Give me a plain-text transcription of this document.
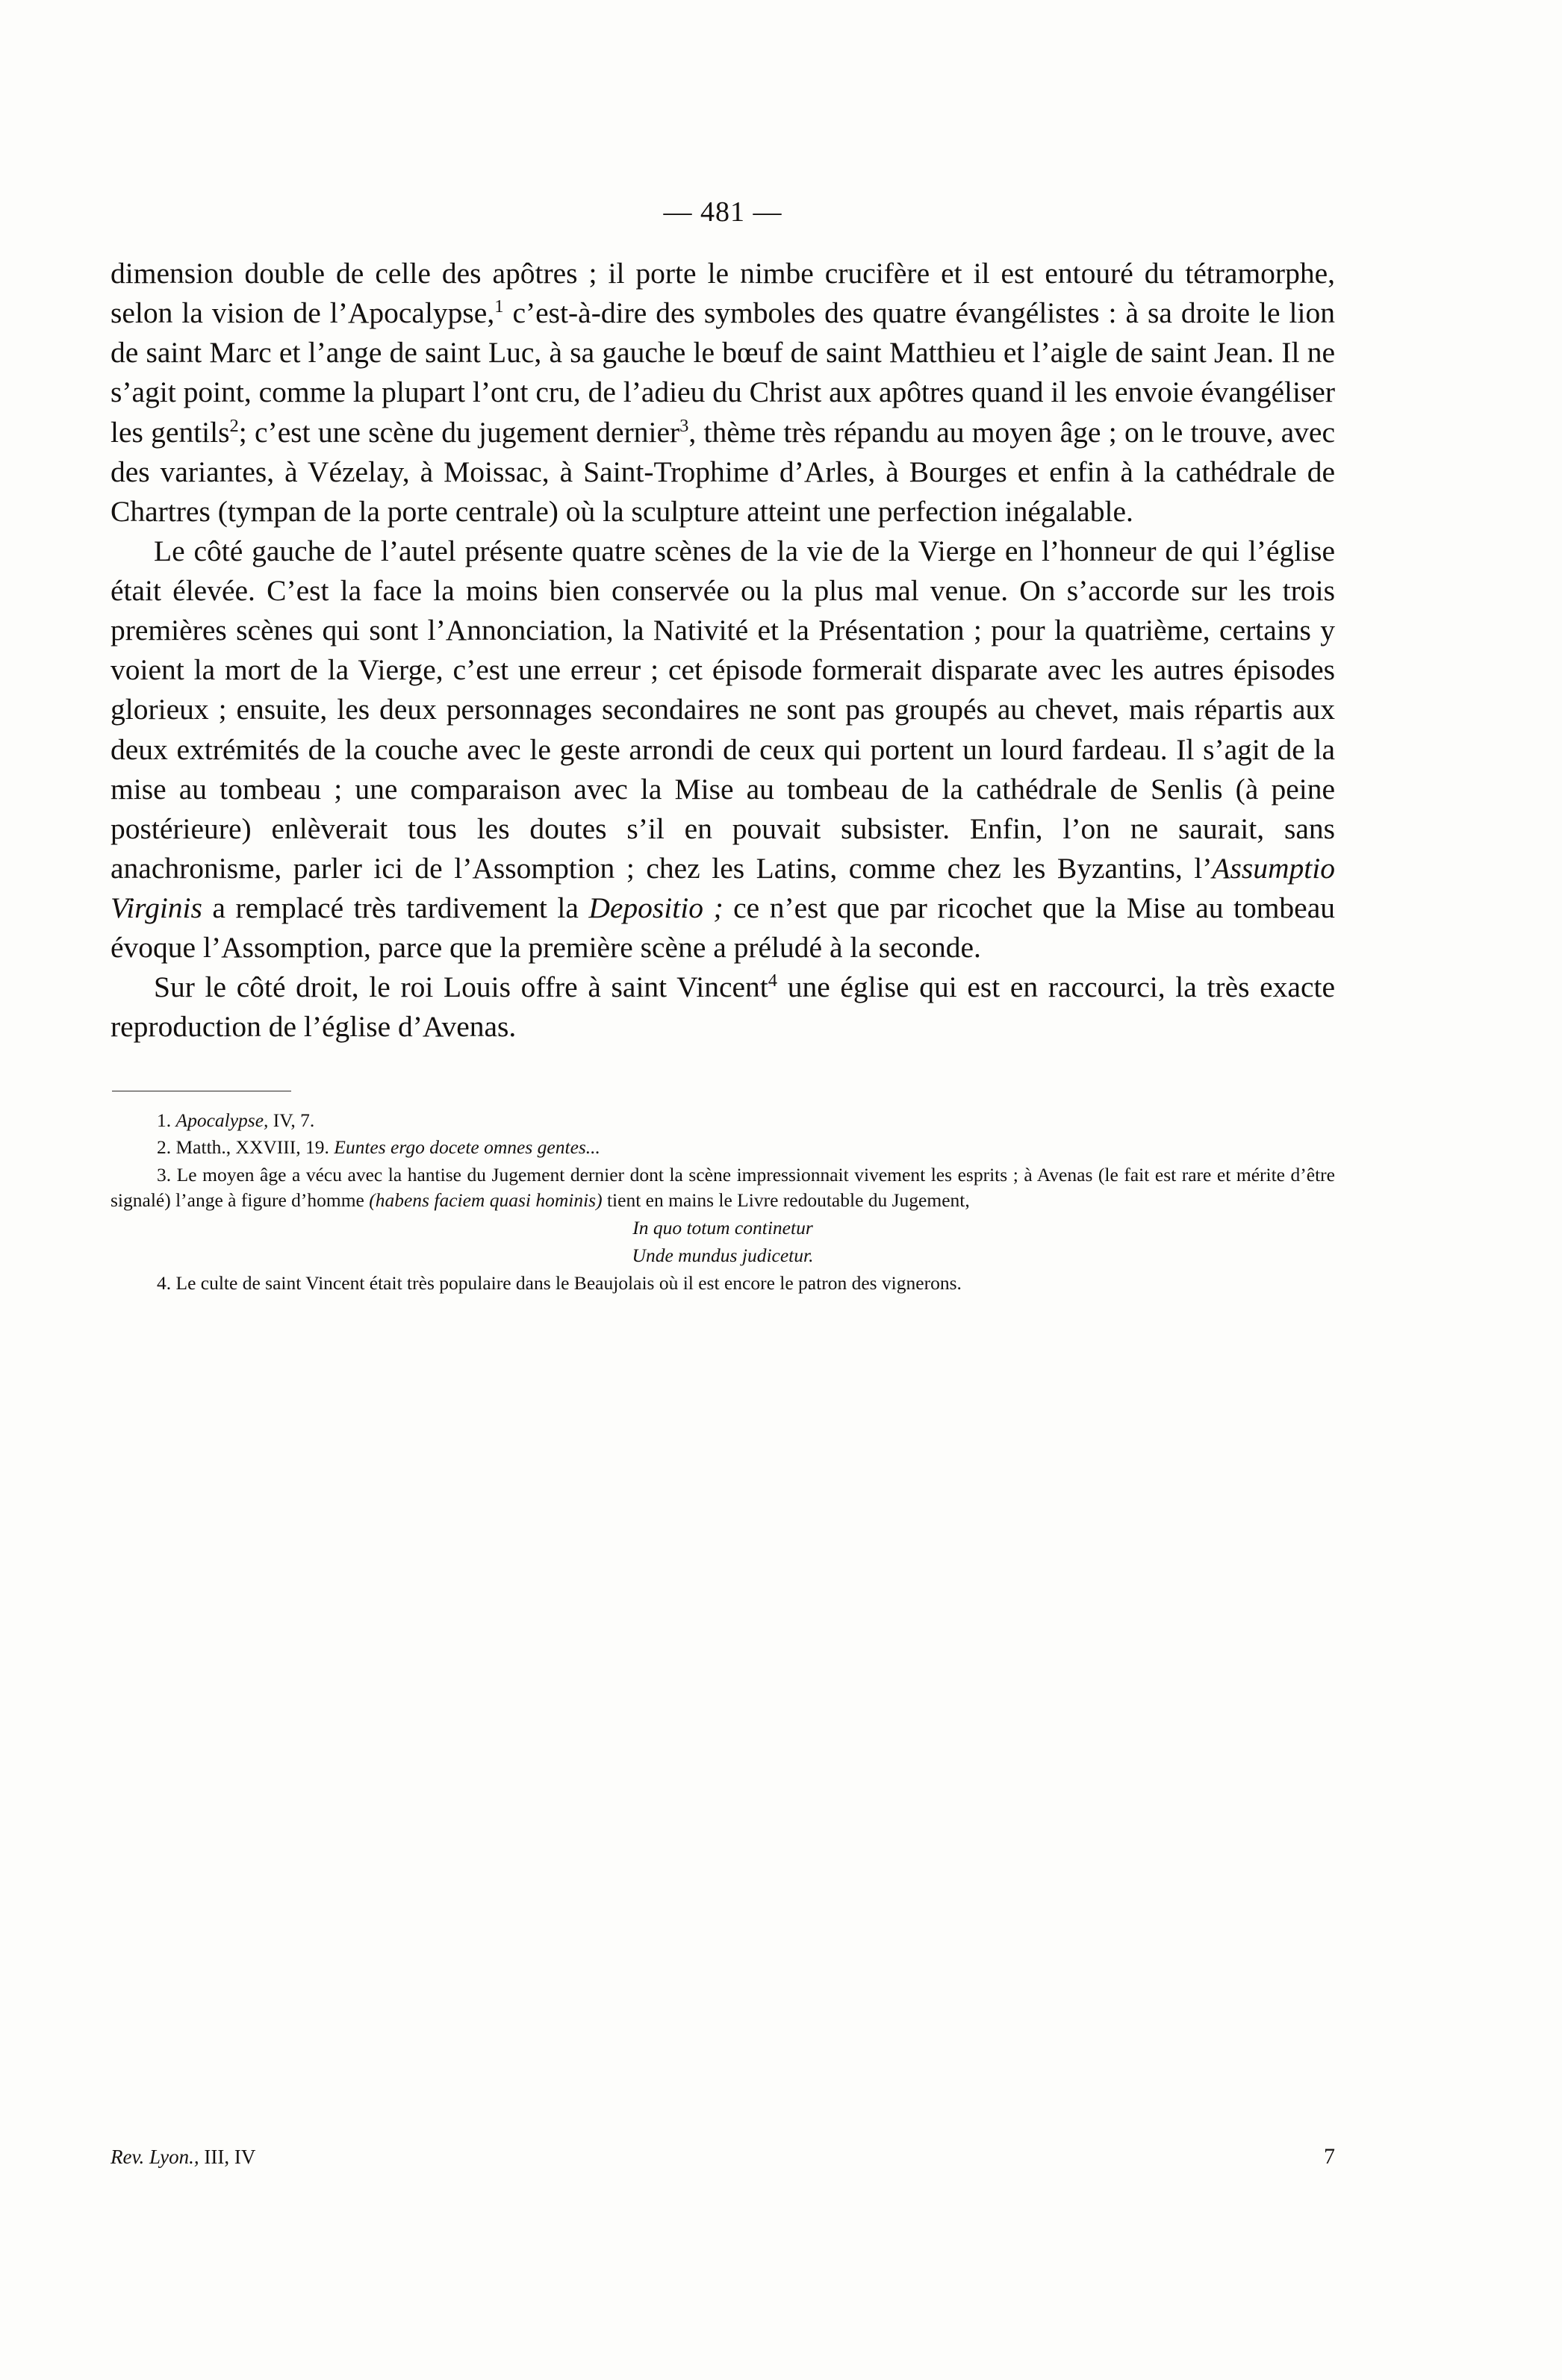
— 481 —

dimension double de celle des apôtres ; il porte le nimbe crucifère et il est entouré du tétramorphe, selon la vision de l’Apocalypse,$^1$ c’est-à-dire des symboles des quatre évangélistes : à sa droite le lion de saint Marc et l’ange de saint Luc, à sa gauche le bœuf de saint Matthieu et l’aigle de saint Jean. Il ne s’agit point, comme la plupart l’ont cru, de l’adieu du Christ aux apôtres quand il les envoie évangéliser les gentils$^2$; c’est une scène du jugement dernier$^3$, thème très répandu au moyen âge ; on le trouve, avec des variantes, à Vézelay, à Moissac, à Saint-Trophime d’Arles, à Bourges et enfin à la cathédrale de Chartres (tympan de la porte centrale) où la sculpture atteint une perfection inégalable.

Le côté gauche de l’autel présente quatre scènes de la vie de la Vierge en l’honneur de qui l’église était élevée. C’est la face la moins bien conservée ou la plus mal venue. On s’accorde sur les trois premières scènes qui sont l’Annonciation, la Nativité et la Présentation ; pour la quatrième, certains y voient la mort de la Vierge, c’est une erreur ; cet épisode formerait disparate avec les autres épisodes glorieux ; ensuite, les deux personnages secondaires ne sont pas groupés au chevet, mais répartis aux deux extrémités de la couche avec le geste arrondi de ceux qui portent un lourd fardeau. Il s’agit de la mise au tombeau ; une comparaison avec la Mise au tombeau de la cathédrale de Senlis (à peine postérieure) enlèverait tous les doutes s’il en pouvait subsister. Enfin, l’on ne saurait, sans anachronisme, parler ici de l’Assomption ; chez les Latins, comme chez les Byzantins, l’Assumptio Virginis a remplacé très tardivement la Depositio ; ce n’est que par ricochet que la Mise au tombeau évoque l’Assomption, parce que la première scène a préludé à la seconde.

Sur le côté droit, le roi Louis offre à saint Vincent$^4$ une église qui est en raccourci, la très exacte reproduction de l’église d’Avenas.

1. Apocalypse, IV, 7.

2. Matth., XXVIII, 19. Euntes ergo docete omnes gentes...

3. Le moyen âge a vécu avec la hantise du Jugement dernier dont la scène impressionnait vivement les esprits ; à Avenas (le fait est rare et mérite d’être signalé) l’ange à figure d’homme (habens faciem quasi hominis) tient en mains le Livre redoutable du Jugement,

In quo totum continetur

Unde mundus judicetur.

4. Le culte de saint Vincent était très populaire dans le Beaujolais où il est encore le patron des vignerons.

Rev. Lyon., III, IV	7
